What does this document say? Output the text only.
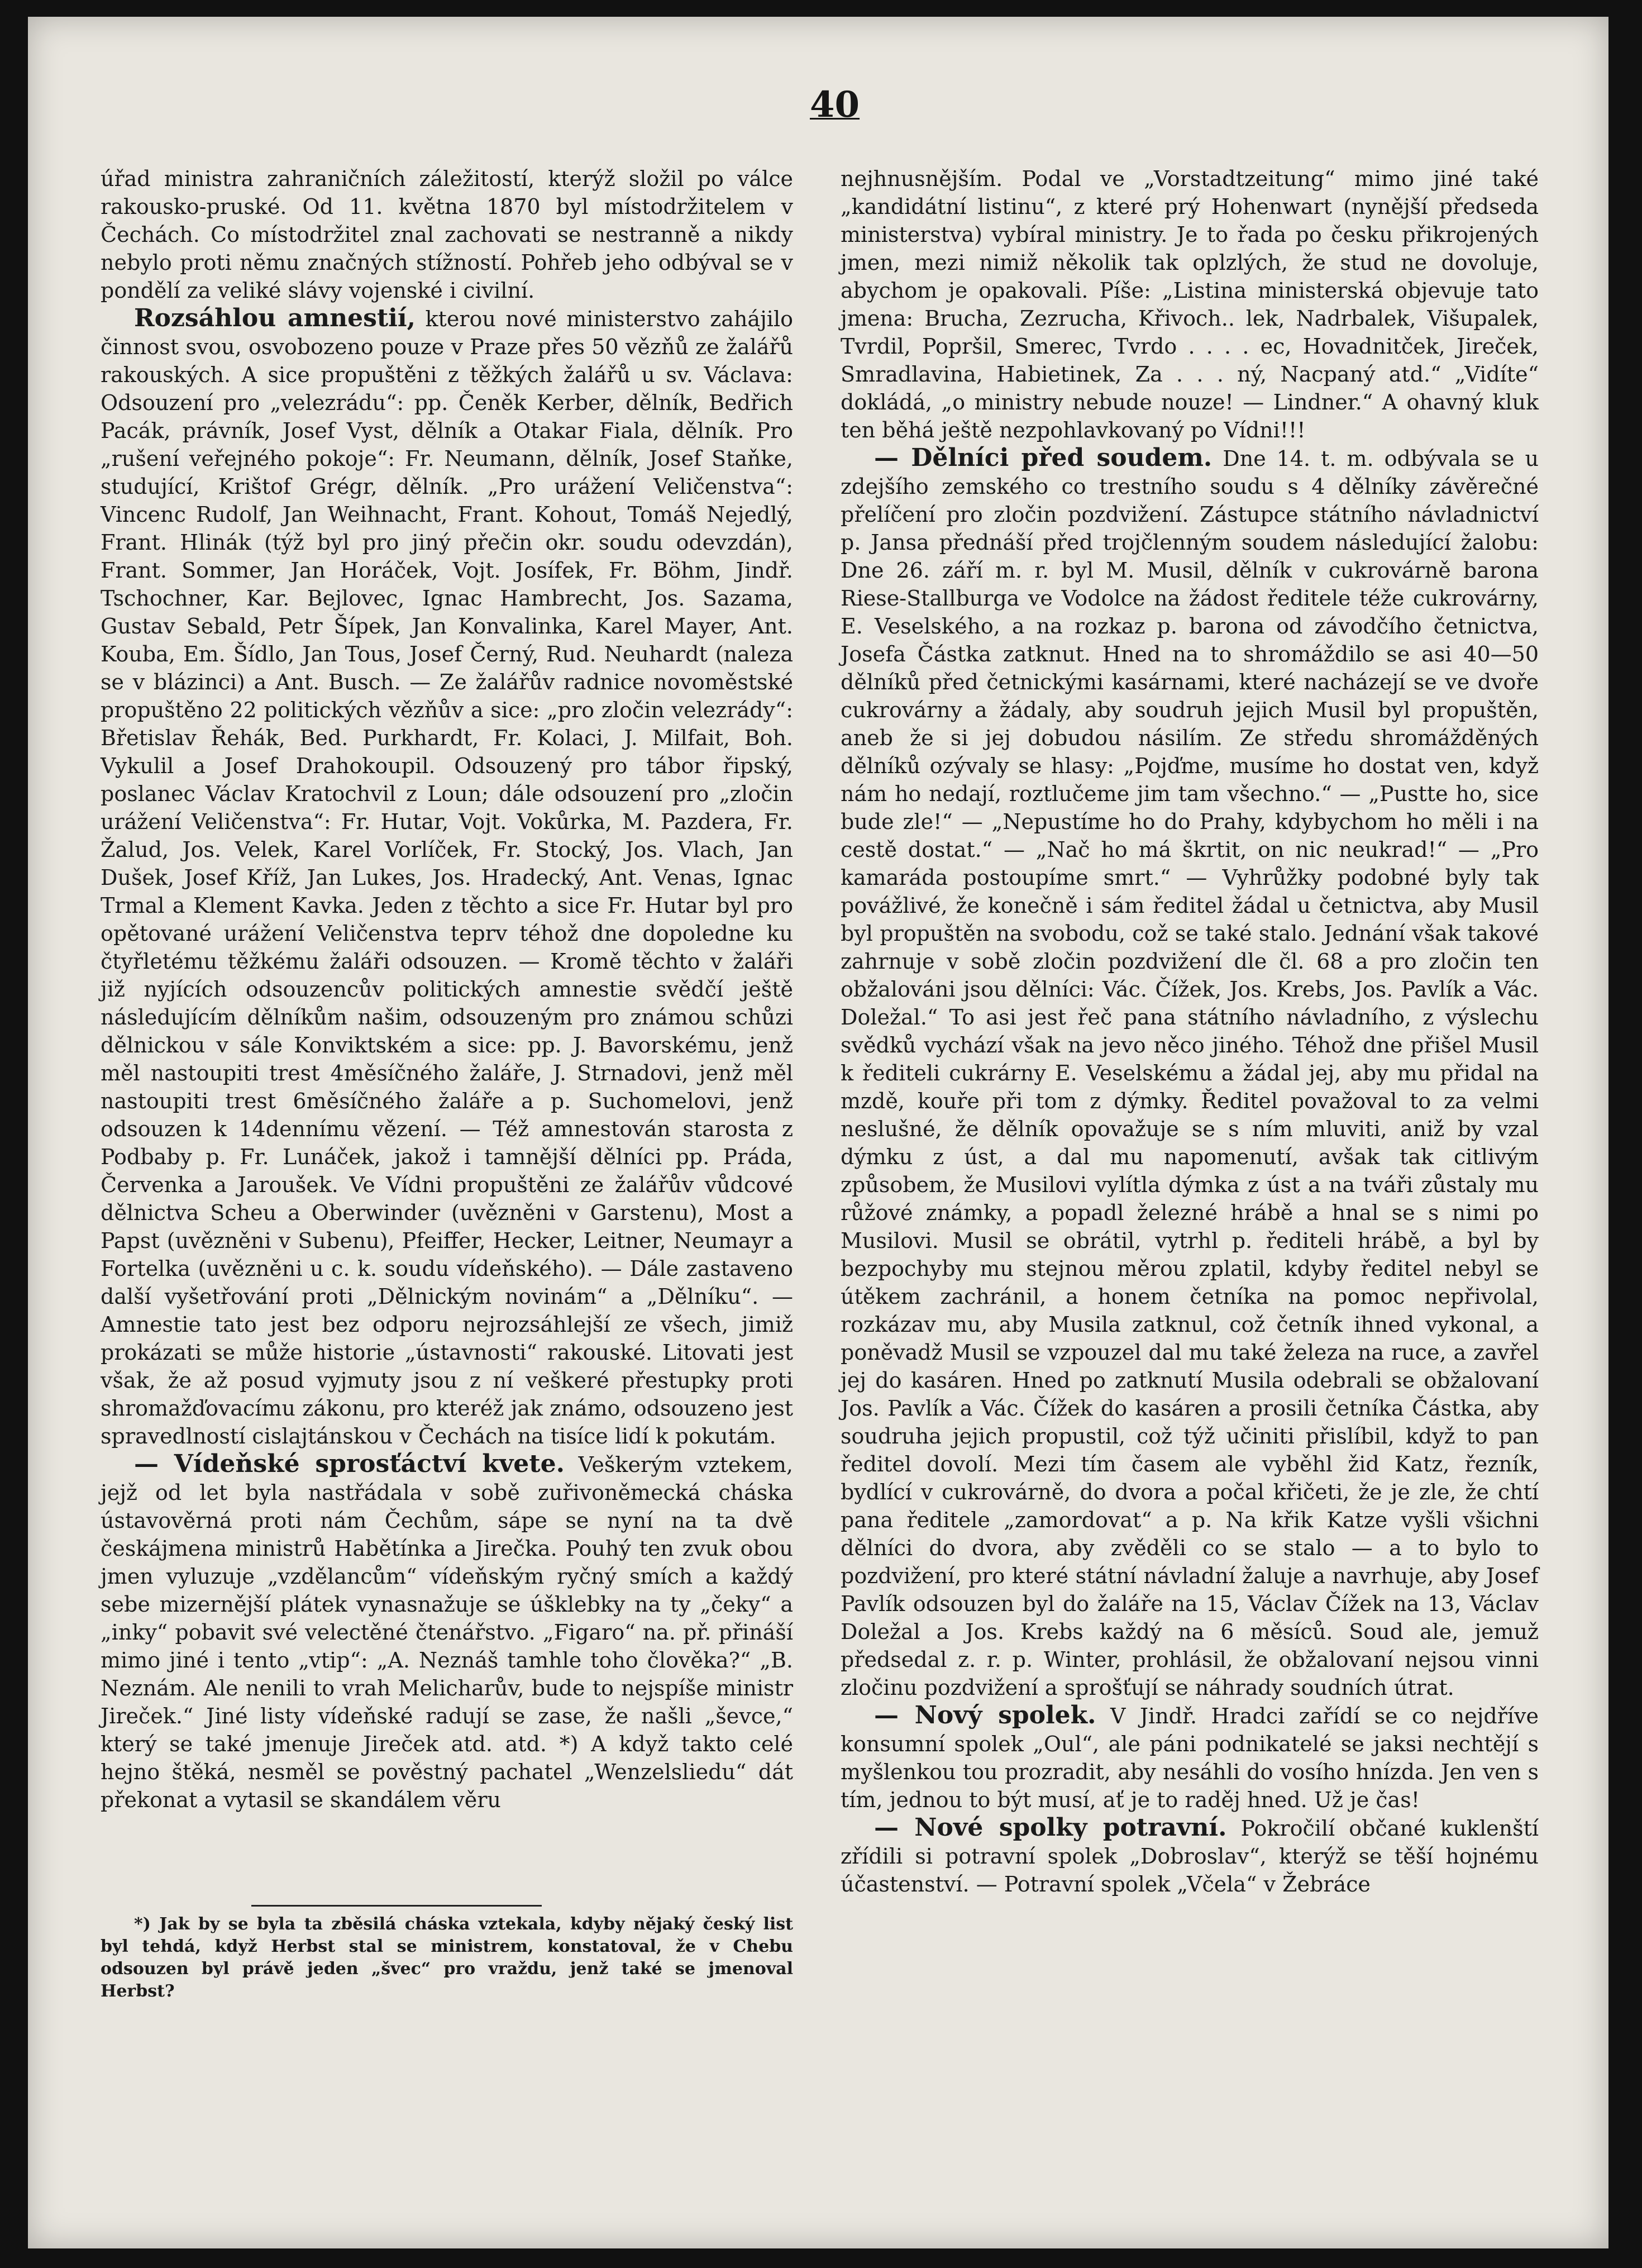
40

úřad ministra zahraničních záležitostí, kterýž složil po válce rakousko-pruské. Od 11. května 1870 byl místodržitelem v Čechách. Co místodržitel znal zachovati se nestranně a nikdy nebylo proti němu značných stížností. Pohřeb jeho odbýval se v pondělí za veliké slávy vojenské i civilní.

Rozsáhlou amnestií, kterou nové ministerstvo zahájilo činnost svou, osvobozeno pouze v Praze přes 50 vězňů ze žalářů rakouských. A sice propuštěni z těžkých žalářů u sv. Václava: Odsouzení pro „velezrádu“: pp. Čeněk Kerber, dělník, Bedřich Pacák, právník, Josef Vyst, dělník a Otakar Fiala, dělník. Pro „rušení veřejného pokoje“: Fr. Neumann, dělník, Josef Staňke, studující, Krištof Grégr, dělník. „Pro urážení Veličenstva“: Vincenc Rudolf, Jan Weihnacht, Frant. Kohout, Tomáš Nejedlý, Frant. Hlinák (týž byl pro jiný přečin okr. soudu odevzdán), Frant. Sommer, Jan Horáček, Vojt. Josífek, Fr. Böhm, Jindř. Tschochner, Kar. Bejlovec, Ignac Hambrecht, Jos. Sazama, Gustav Sebald, Petr Šípek, Jan Konvalinka, Karel Mayer, Ant. Kouba, Em. Šídlo, Jan Tous, Josef Černý, Rud. Neuhardt (naleza se v blázinci) a Ant. Busch. — Ze žalářův radnice novoměstské propuštěno 22 politických vězňův a sice: „pro zločin velezrády“: Břetislav Řehák, Bed. Purkhardt, Fr. Kolaci, J. Milfait, Boh. Vykulil a Josef Drahokoupil. Odsouzený pro tábor řipský, poslanec Václav Kratochvil z Loun; dále odsouzení pro „zločin urážení Veličenstva“: Fr. Hutar, Vojt. Vokůrka, M. Pazdera, Fr. Žalud, Jos. Velek, Karel Vorlíček, Fr. Stocký, Jos. Vlach, Jan Dušek, Josef Kříž, Jan Lukes, Jos. Hradecký, Ant. Venas, Ignac Trmal a Klement Kavka. Jeden z těchto a sice Fr. Hutar byl pro opětované urážení Veličenstva teprv téhož dne dopoledne ku čtyřletému těžkému žaláři odsouzen. — Kromě těchto v žaláři již nyjících odsouzencův politických amnestie svědčí ještě následujícím dělníkům našim, odsouzeným pro známou schůzi dělnickou v sále Konviktském a sice: pp. J. Bavorskému, jenž měl nastoupiti trest 4měsíčného žaláře, J. Strnadovi, jenž měl nastoupiti trest 6měsíčného žaláře a p. Suchomelovi, jenž odsouzen k 14dennímu vězení. — Též amnestován starosta z Podbaby p. Fr. Lunáček, jakož i tamnější dělníci pp. Práda, Červenka a Jaroušek. Ve Vídni propuštěni ze žalářův vůdcové dělnictva Scheu a Oberwinder (uvězněni v Garstenu), Most a Papst (uvězněni v Subenu), Pfeiffer, Hecker, Leitner, Neumayr a Fortelka (uvězněni u c. k. soudu vídeňského). — Dále zastaveno další vyšetřování proti „Dělnickým novinám“ a „Dělníku“. — Amnestie tato jest bez odporu nejrozsáhlejší ze všech, jimiž prokázati se může historie „ústavnosti“ rakouské. Litovati jest však, že až posud vyjmuty jsou z ní veškeré přestupky proti shromažďovacímu zákonu, pro kteréž jak známo, odsouzeno jest spravedlností cislajtánskou v Čechách na tisíce lidí k pokutám.

— Vídeňské sprosťáctví kvete. Veškerým vztekem, jejž od let byla nastřádala v sobě zuřivoněmecká cháska ústavověrná proti nám Čechům, sápe se nyní na ta dvě českájmena ministrů Habětínka a Jirečka. Pouhý ten zvuk obou jmen vyluzuje „vzdělancům“ vídeňským ryčný smích a každý sebe mizernější plátek vynasnažuje se úšklebky na ty „čeky“ a „inky“ pobavit své velectěné čtenářstvo. „Figaro“ na. př. přináší mimo jiné i tento „vtip“: „A. Neznáš tamhle toho člověka?“ „B. Neznám. Ale nenili to vrah Melicharův, bude to nejspíše ministr Jireček.“ Jiné listy vídeňské radují se zase, že našli „ševce,“ který se také jmenuje Jireček atd. atd. *) A když takto celé hejno štěká, nesměl se pověstný pachatel „Wenzelsliedu“ dát překonat a vytasil se skandálem věru

*) Jak by se byla ta zběsilá cháska vztekala, kdyby nějaký český list byl tehdá, když Herbst stal se ministrem, konstatoval, že v Chebu odsouzen byl právě jeden „švec“ pro vraždu, jenž také se jmenoval Herbst?

nejhnusnějším. Podal ve „Vorstadtzeitung“ mimo jiné také „kandidátní listinu“, z které prý Hohenwart (nynější předseda ministerstva) vybíral ministry. Je to řada po česku přikrojených jmen, mezi nimiž několik tak oplzlých, že stud ne dovoluje, abychom je opakovali. Píše: „Listina ministerská objevuje tato jmena: Brucha, Zezrucha, Křivoch.. lek, Nadrbalek, Višupalek, Tvrdil, Popršil, Smerec, Tvrdo . . . . ec, Hovadnitček, Jireček, Smradlavina, Habietinek, Za . . . ný, Nacpaný atd.“ „Vidíte“ dokládá, „o ministry nebude nouze! — Lindner.“ A ohavný kluk ten běhá ještě nezpohlavkovaný po Vídni!!!

— Dělníci před soudem. Dne 14. t. m. odbývala se u zdejšího zemského co trestního soudu s 4 dělníky závěrečné přelíčení pro zločin pozdvižení. Zástupce státního návladnictví p. Jansa přednáší před trojčlenným soudem následující žalobu: Dne 26. září m. r. byl M. Musil, dělník v cukrovárně barona Riese-Stallburga ve Vodolce na žádost ředitele téže cukrovárny, E. Veselského, a na rozkaz p. barona od závodčího četnictva, Josefa Částka zatknut. Hned na to shromáždilo se asi 40—50 dělníků před četnickými kasárnami, které nacházejí se ve dvoře cukrovárny a žádaly, aby soudruh jejich Musil byl propuštěn, aneb že si jej dobudou násilím. Ze středu shromážděných dělníků ozývaly se hlasy: „Pojďme, musíme ho dostat ven, když nám ho nedají, roztlučeme jim tam všechno.“ — „Pustte ho, sice bude zle!“ — „Nepustíme ho do Prahy, kdybychom ho měli i na cestě dostat.“ — „Nač ho má škrtit, on nic neukrad!“ — „Pro kamaráda postoupíme smrt.“ — Vyhrůžky podobné byly tak povážlivé, že konečně i sám ředitel žádal u četnictva, aby Musil byl propuštěn na svobodu, což se také stalo. Jednání však takové zahrnuje v sobě zločin pozdvižení dle čl. 68 a pro zločin ten obžalováni jsou dělníci: Vác. Čížek, Jos. Krebs, Jos. Pavlík a Vác. Doležal.“ To asi jest řeč pana státního návladního, z výslechu svědků vychází však na jevo něco jiného. Téhož dne přišel Musil k řediteli cukrárny E. Veselskému a žádal jej, aby mu přidal na mzdě, kouře při tom z dýmky. Ředitel považoval to za velmi neslušné, že dělník opovažuje se s ním mluviti, aniž by vzal dýmku z úst, a dal mu napomenutí, avšak tak citlivým způsobem, že Musilovi vylítla dýmka z úst a na tváři zůstaly mu růžové známky, a popadl železné hrábě a hnal se s nimi po Musilovi. Musil se obrátil, vytrhl p. řediteli hrábě, a byl by bezpochyby mu stejnou měrou zplatil, kdyby ředitel nebyl se útěkem zachránil, a honem četníka na pomoc nepřivolal, rozkázav mu, aby Musila zatknul, což četník ihned vykonal, a poněvadž Musil se vzpouzel dal mu také železa na ruce, a zavřel jej do kasáren. Hned po zatknutí Musila odebrali se obžalovaní Jos. Pavlík a Vác. Čížek do kasáren a prosili četníka Částka, aby soudruha jejich propustil, což týž učiniti přislíbil, když to pan ředitel dovolí. Mezi tím časem ale vyběhl žid Katz, řezník, bydlící v cukrovárně, do dvora a počal křičeti, že je zle, že chtí pana ředitele „zamordovat“ a p. Na křik Katze vyšli všichni dělníci do dvora, aby zvěděli co se stalo — a to bylo to pozdvižení, pro které státní návladní žaluje a navrhuje, aby Josef Pavlík odsouzen byl do žaláře na 15, Václav Čížek na 13, Václav Doležal a Jos. Krebs každý na 6 měsíců. Soud ale, jemuž předsedal z. r. p. Winter, prohlásil, že obžalovaní nejsou vinni zločinu pozdvižení a sprošťují se náhrady soudních útrat.

— Nový spolek. V Jindř. Hradci zařídí se co nejdříve konsumní spolek „Oul“, ale páni podnikatelé se jaksi nechtějí s myšlenkou tou prozradit, aby nesáhli do vosího hnízda. Jen ven s tím, jednou to být musí, ať je to raděj hned. Už je čas!

— Nové spolky potravní. Pokročilí občané kuklenští zřídili si potravní spolek „Dobroslav“, kterýž se těší hojnému účastenství. — Potravní spolek „Včela“ v Žebráce
